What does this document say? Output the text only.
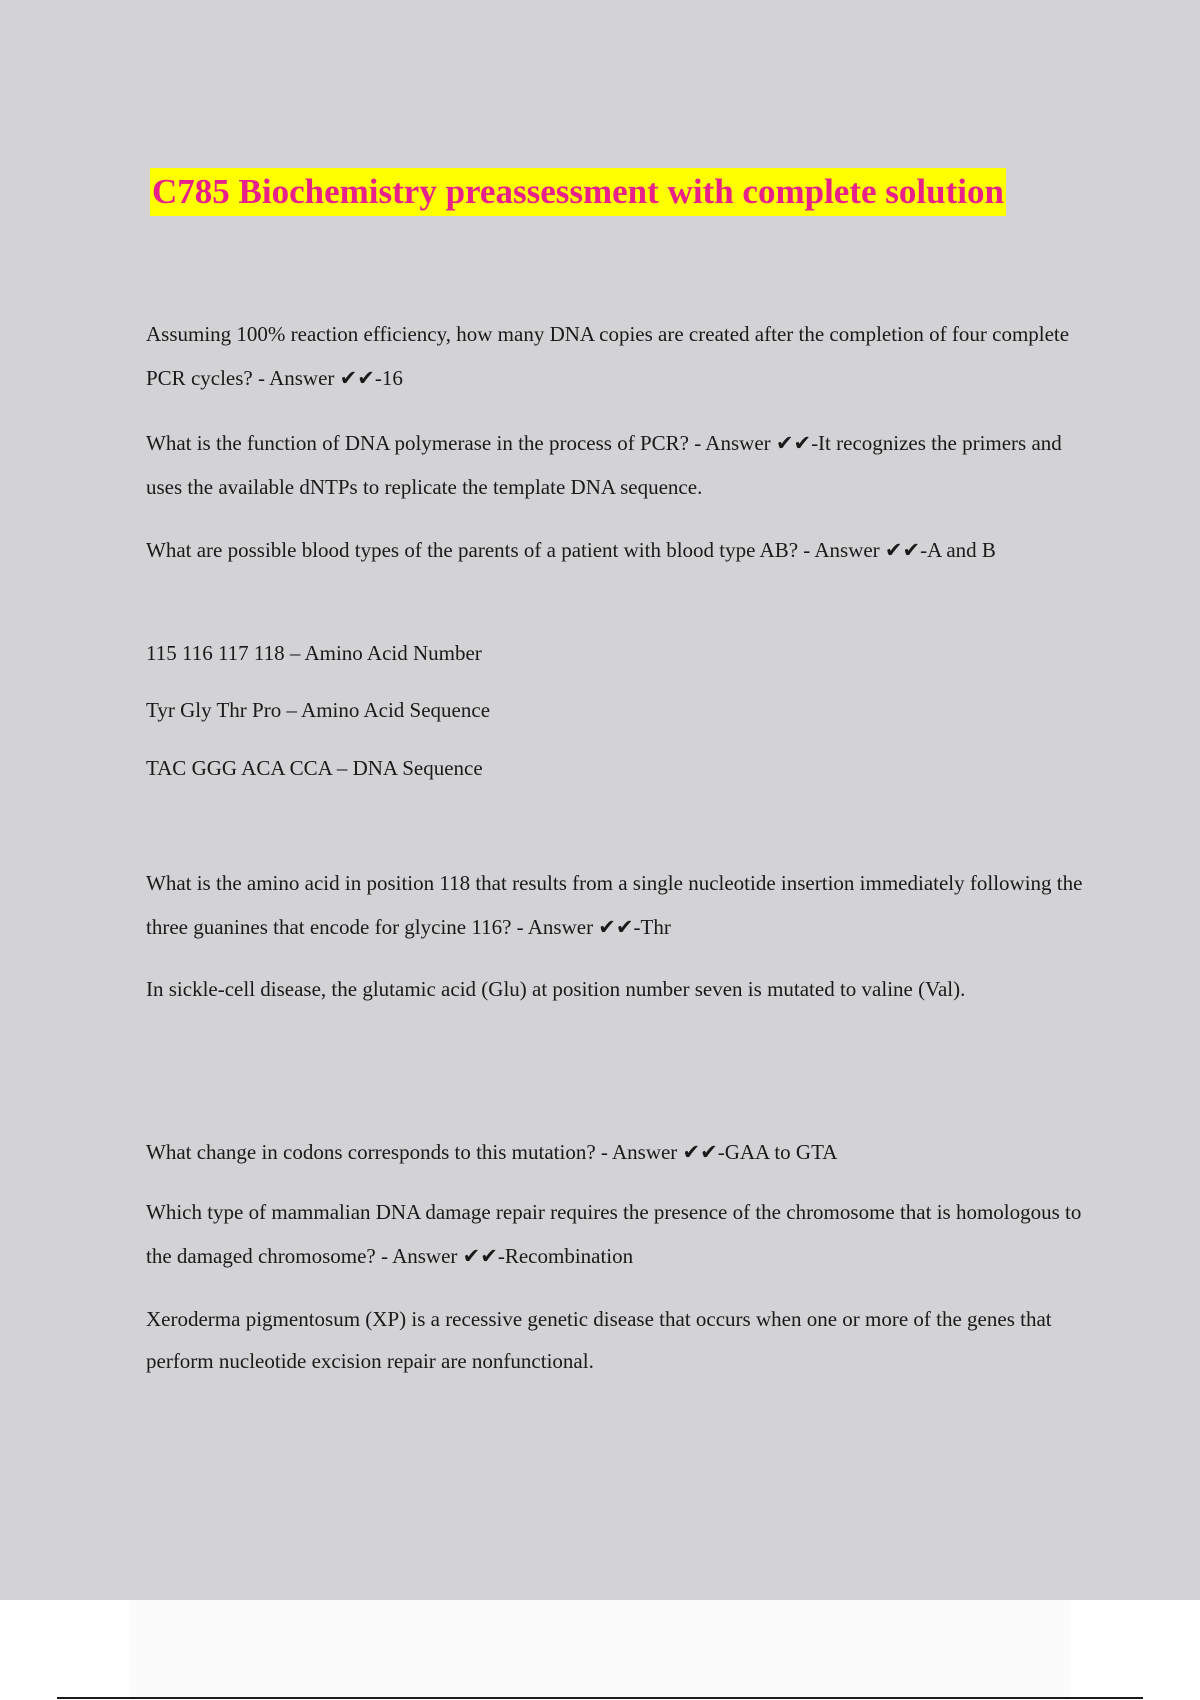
C785 Biochemistry preassessment with complete solution

Assuming 100% reaction efficiency, how many DNA copies are created after the completion of four complete PCR cycles? - Answer ✔✔-16

What is the function of DNA polymerase in the process of PCR? - Answer ✔✔-It recognizes the primers and uses the available dNTPs to replicate the template DNA sequence.

What are possible blood types of the parents of a patient with blood type AB? - Answer ✔✔-A and B

115 116 117 118 – Amino Acid Number

Tyr Gly Thr Pro – Amino Acid Sequence

TAC GGG ACA CCA – DNA Sequence

What is the amino acid in position 118 that results from a single nucleotide insertion immediately following the three guanines that encode for glycine 116? - Answer ✔✔-Thr

In sickle-cell disease, the glutamic acid (Glu) at position number seven is mutated to valine (Val).

What change in codons corresponds to this mutation? - Answer ✔✔-GAA to GTA

Which type of mammalian DNA damage repair requires the presence of the chromosome that is homologous to the damaged chromosome? - Answer ✔✔-Recombination

Xeroderma pigmentosum (XP) is a recessive genetic disease that occurs when one or more of the genes that perform nucleotide excision repair are nonfunctional.
